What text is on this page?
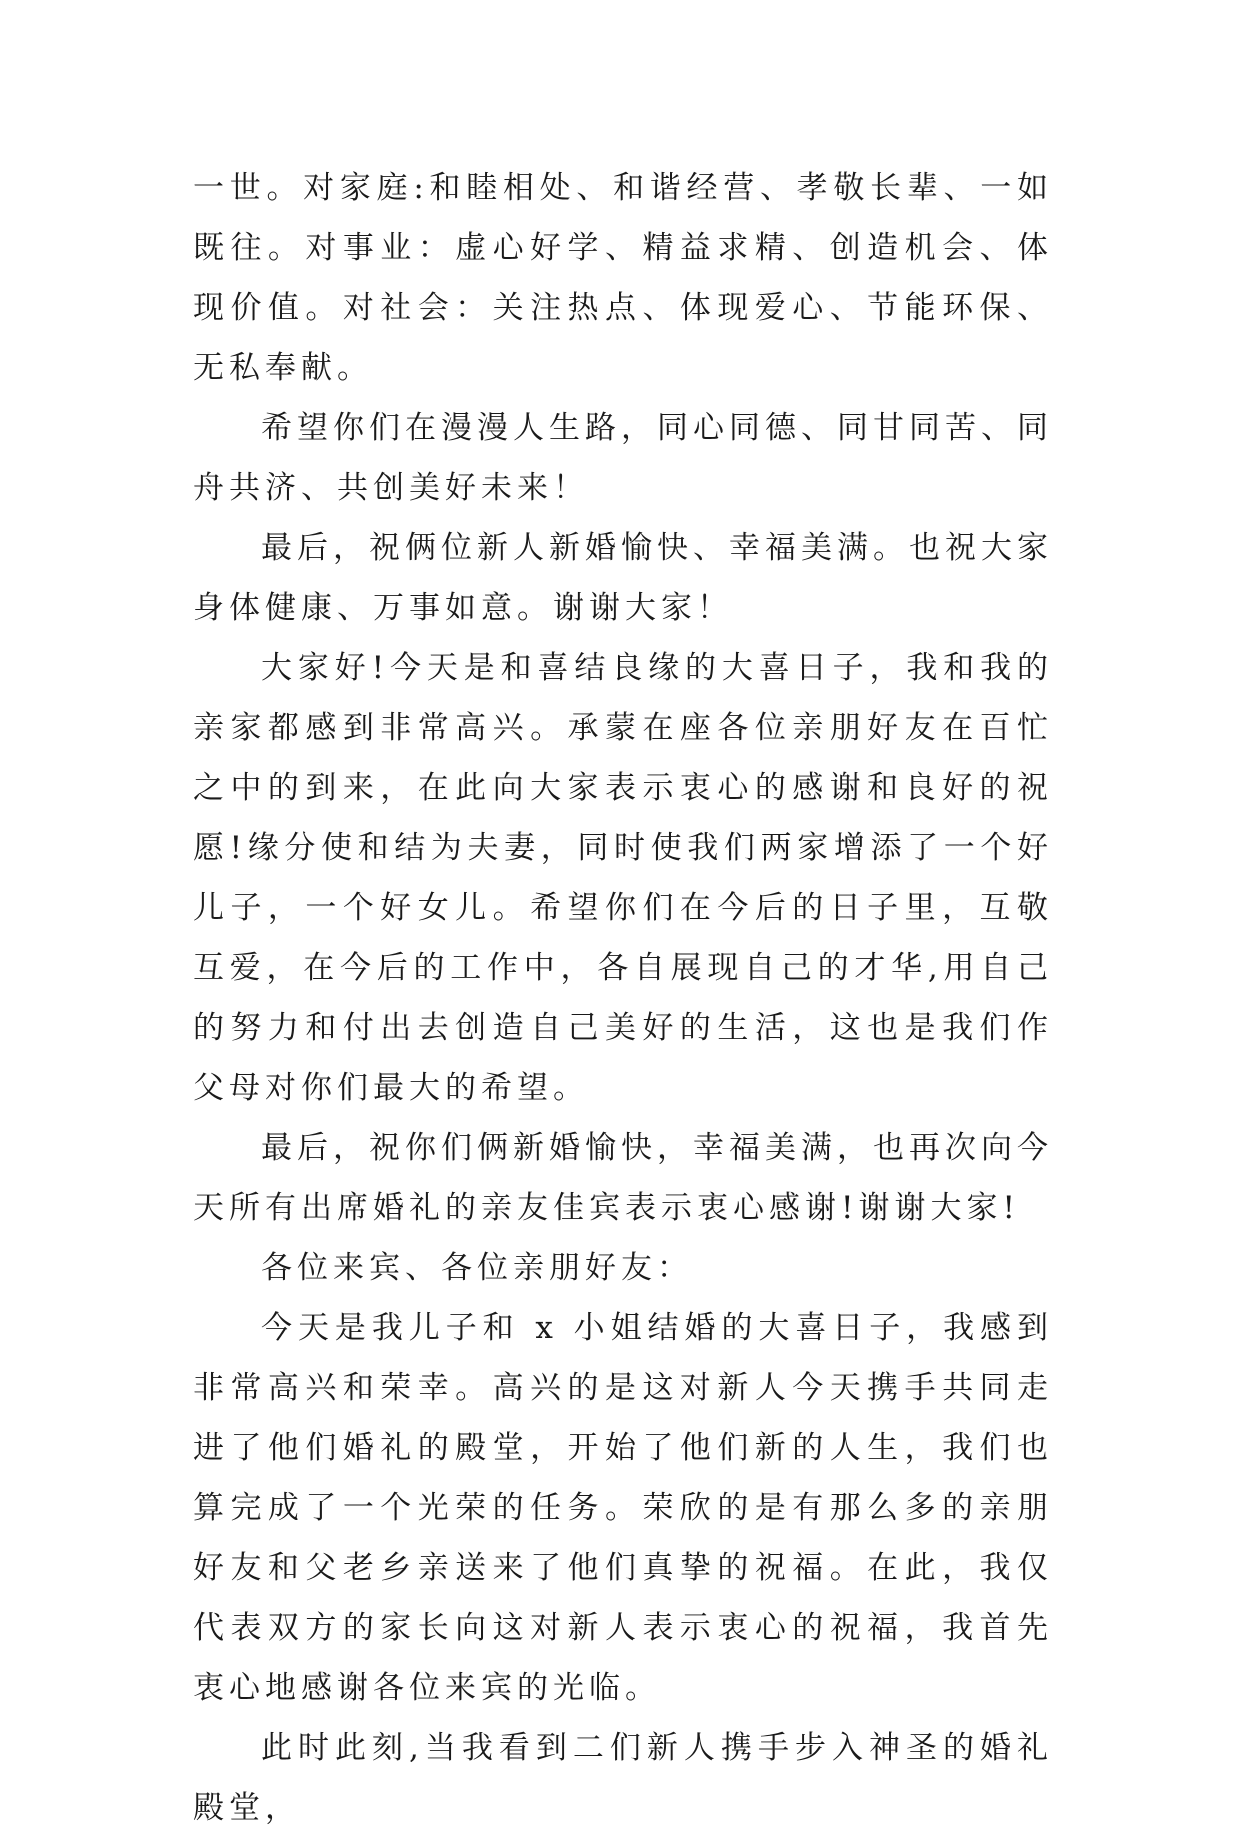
一世。对家庭:和睦相处、和谐经营、孝敬长辈、一如既往。对事业：虚心好学、精益求精、创造机会、体现价值。对社会：关注热点、体现爱心、节能环保、无私奉献。

希望你们在漫漫人生路，同心同德、同甘同苦、同舟共济、共创美好未来！

最后，祝俩位新人新婚愉快、幸福美满。也祝大家身体健康、万事如意。谢谢大家！

大家好!今天是和喜结良缘的大喜日子，我和我的亲家都感到非常高兴。承蒙在座各位亲朋好友在百忙之中的到来，在此向大家表示衷心的感谢和良好的祝愿!缘分使和结为夫妻，同时使我们两家增添了一个好儿子，一个好女儿。希望你们在今后的日子里，互敬互爱，在今后的工作中，各自展现自己的才华,用自己的努力和付出去创造自己美好的生活，这也是我们作父母对你们最大的希望。

最后，祝你们俩新婚愉快，幸福美满，也再次向今天所有出席婚礼的亲友佳宾表示衷心感谢!谢谢大家!

各位来宾、各位亲朋好友：

今天是我儿子和 x 小姐结婚的大喜日子，我感到非常高兴和荣幸。高兴的是这对新人今天携手共同走进了他们婚礼的殿堂，开始了他们新的人生，我们也算完成了一个光荣的任务。荣欣的是有那么多的亲朋好友和父老乡亲送来了他们真挚的祝福。在此，我仅代表双方的家长向这对新人表示衷心的祝福，我首先衷心地感谢各位来宾的光临。

此时此刻,当我看到二们新人携手步入神圣的婚礼殿堂，
